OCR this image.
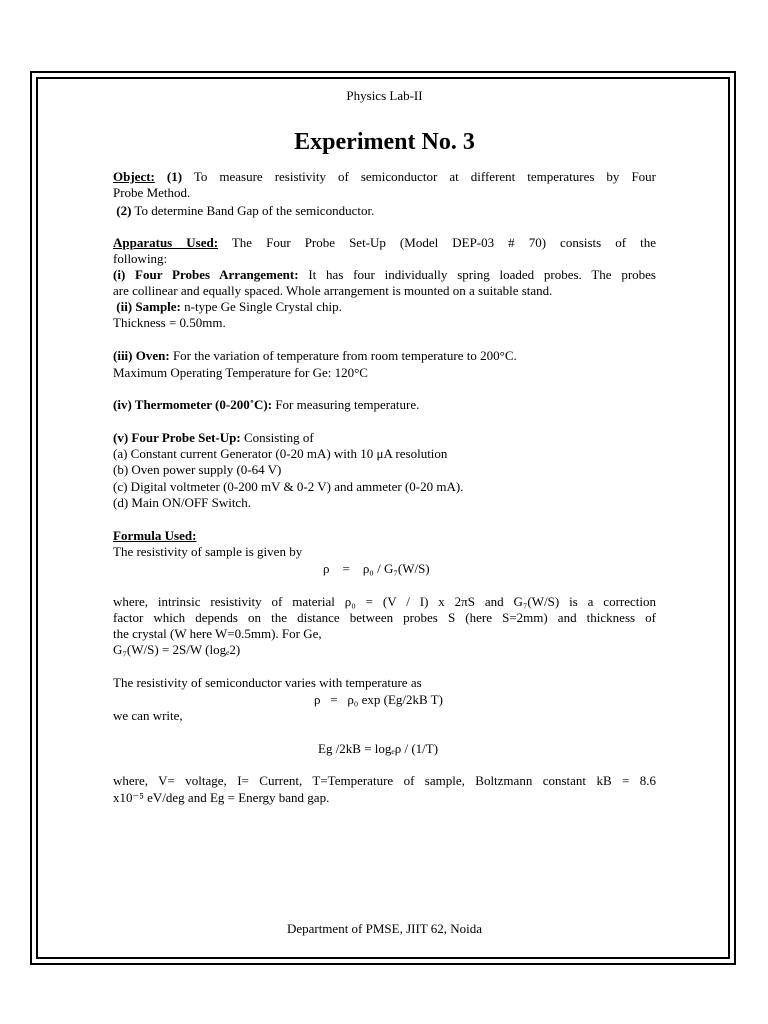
Physics Lab-II
Experiment No. 3
Object: (1) To measure resistivity of semiconductor at different temperatures by Four
Probe Method.
(2) To determine Band Gap of the semiconductor.
Apparatus Used: The Four Probe Set-Up (Model DEP-03 # 70) consists of the
following:
(i) Four Probes Arrangement: It has four individually spring loaded probes. The probes
are collinear and equally spaced. Whole arrangement is mounted on a suitable stand.
(ii) Sample: n-type Ge Single Crystal chip.
Thickness = 0.50mm.
(iii) Oven: For the variation of temperature from room temperature to 200°C.
Maximum Operating Temperature for Ge: 120°C
(iv) Thermometer (0-200˚C): For measuring temperature.
(v) Four Probe Set-Up: Consisting of
(a) Constant current Generator (0-20 mA) with 10 μA resolution
(b) Oven power supply (0-64 V)
(c) Digital voltmeter (0-200 mV & 0-2 V) and ammeter (0-20 mA).
(d) Main ON/OFF Switch.
Formula Used:
The resistivity of sample is given by
ρ    =    ρ₀ / G₇(W/S)
where, intrinsic resistivity of material ρ₀ = (V / I) x 2πS and G₇(W/S) is a correction
factor which depends on the distance between probes S (here S=2mm) and thickness of
the crystal (W here W=0.5mm). For Ge,
G₇(W/S) = 2S/W (logₑ2)
The resistivity of semiconductor varies with temperature as
ρ   =   ρ₀ exp (Eg/2kB T)
we can write,
Eg /2kB = logₑρ / (1/T)
where, V= voltage, I= Current, T=Temperature of sample, Boltzmann constant kB = 8.6
x10⁻⁵ eV/deg and Eg = Energy band gap.
Department of PMSE, JIIT 62, Noida
